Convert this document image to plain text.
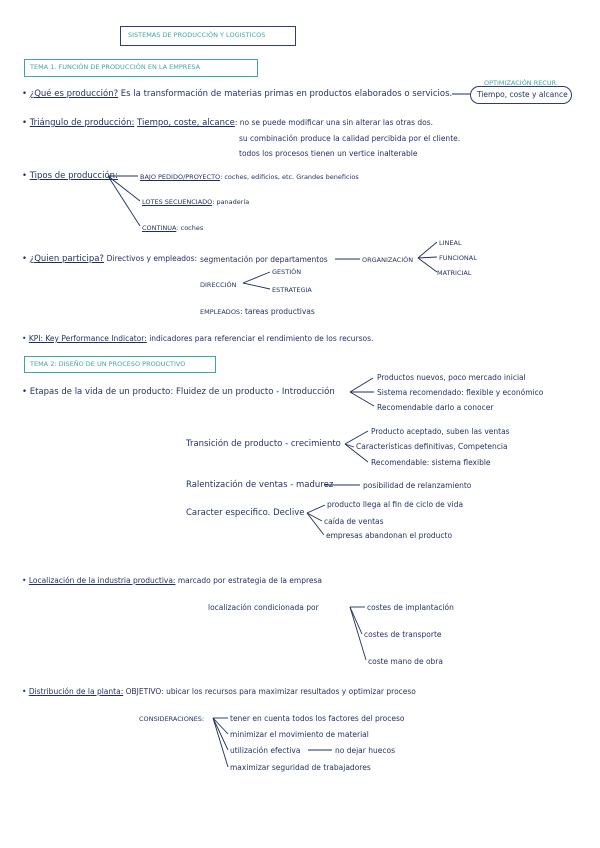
SISTEMAS DE PRODUCCIÓN Y LOGISTICOS
TEMA 1. FUNCIÓN DE PRODUCCIÓN EN LA EMPRESA
OPTIMIZACIÓN RECUR.
Tiempo, coste y alcance
• ¿Qué es producción? Es la transformación de materias primas en productos elaborados o servicios.
• Triángulo de producción: Tiempo, coste, alcance: no se puede modificar una sin alterar las otras dos.
su combinación produce la calidad percibida por el cliente.
todos los procesos tienen un vertice inalterable
• Tipos de producción:	BAJO PEDIDO/PROYECTO: coches, edificios, etc. Grandes beneficios
LOTES SECUENCIADO: panadería
CONTINUA: coches
• ¿Quien participa? Directivos y empleados: segmentación por departamentos	ORGANIZACIÓN
LINEAL
FUNCIONAL
MATRICIAL
DIRECCIÓN
GESTIÓN
ESTRATEGIA
EMPLEADOS: tareas productivas
• KPI: Key Performance Indicator: indicadores para referenciar el rendimiento de los recursos.
TEMA 2: DISEÑO DE UN PROCESO PRODUCTIVO
• Etapas de la vida de un producto: Fluidez de un producto - Introducción
Productos nuevos, poco mercado inicial
Sistema recomendado: flexible y económico
Recomendable darlo a conocer
Transición de producto - crecimiento
Producto aceptado, suben las ventas
Características definitivas, Competencia
Recomendable: sistema flexible
Ralentización de ventas - madurez	posibilidad de relanzamiento
Caracter especifico. Declive
producto llega al fin de ciclo de vida
caída de ventas
empresas abandonan el producto
• Localización de la industria productiva: marcado por estrategia de la empresa
localización condicionada por	costes de implantación
costes de transporte
coste mano de obra
• Distribución de la planta: OBJETIVO: ubicar los recursos para maximizar resultados y optimizar proceso
CONSIDERACIONES:	tener en cuenta todos los factores del proceso
minimizar el movimiento de material
utilización efectiva	no dejar huecos
maximizar seguridad de trabajadores
